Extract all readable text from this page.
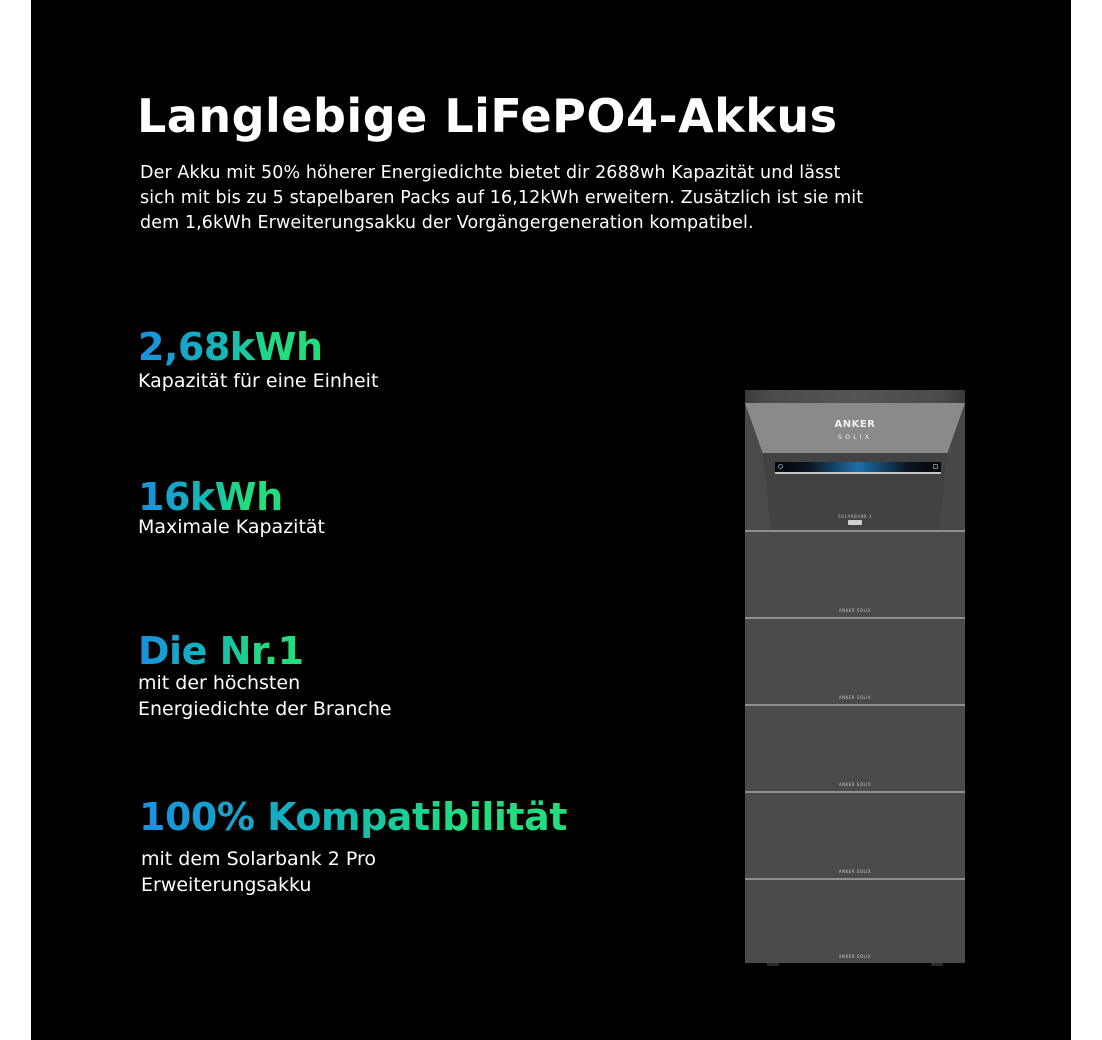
Langlebige LiFePO4-Akkus

Der Akku mit 50% höherer Energiedichte bietet dir 2688wh Kapazität und lässt
sich mit bis zu 5 stapelbaren Packs auf 16,12kWh erweitern. Zusätzlich ist sie mit
dem 1,6kWh Erweiterungsakku der Vorgängergeneration kompatibel.

2,68kWh
Kapazität für eine Einheit
16kWh
Maximale Kapazität
Die Nr.1
mit der höchsten
Energiedichte der Branche
100% Kompatibilität
mit dem Solarbank 2 Pro
Erweiterungsakku
ANKER
SOLIX
SOLARBANK 3
ANKER SOLIX
ANKER SOLIX
ANKER SOLIX
ANKER SOLIX
ANKER SOLIX
